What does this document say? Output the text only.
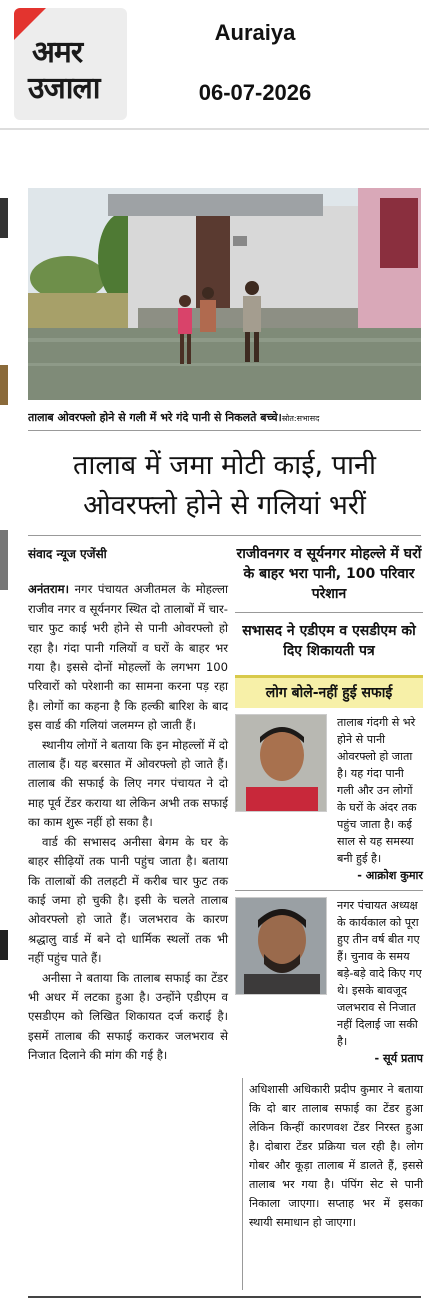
अमर
उजाला
Auraiya
06-07-2026
तालाब ओवरफ्लो होने से गली में भरे गंदे पानी से निकलते बच्चे।स्रोत:सभासद
तालाब में जमा मोटी काई, पानी
ओवरफ्लो होने से गलियां भरीं
संवाद न्यूज एजेंसी

अनंतराम। नगर पंचायत अजीतमल के मोहल्ला राजीव नगर व सूर्यनगर स्थित दो तालाबों में चार-चार फुट काई भरी होने से पानी ओवरफ्लो हो रहा है। गंदा पानी गलियों व घरों के बाहर भर गया है। इससे दोनों मोहल्लों के लगभग 100 परिवारों को परेशानी का सामना करना पड़ रहा है। लोगों का कहना है कि हल्की बारिश के बाद इस वार्ड की गलियां जलमग्न हो जाती हैं।

स्थानीय लोगों ने बताया कि इन मोहल्लों में दो तालाब हैं। यह बरसात में ओवरफ्लो हो जाते हैं। तालाब की सफाई के लिए नगर पंचायत ने दो माह पूर्व टेंडर कराया था लेकिन अभी तक सफाई का काम शुरू नहीं हो सका है।

वार्ड की सभासद अनीसा बेगम के घर के बाहर सीढ़ियों तक पानी पहुंच जाता है। बताया कि तालाबों की तलहटी में करीब चार फुट तक काई जमा हो चुकी है। इसी के चलते तालाब ओवरफ्लो हो जाते हैं। जलभराव के कारण श्रद्धालु वार्ड में बने दो धार्मिक स्थलों तक भी नहीं पहुंच पाते हैं।

अनीसा ने बताया कि तालाब सफाई का टेंडर भी अधर में लटका हुआ है। उन्होंने एडीएम व एसडीएम को लिखित शिकायत दर्ज कराई है। इसमें तालाब की सफाई कराकर जलभराव से निजात दिलाने की मांग की गई है।

राजीवनगर व सूर्यनगर मोहल्ले में घरों के बाहर भरा पानी, 100 परिवार परेशान
सभासद ने एडीएम व एसडीएम को दिए शिकायती पत्र
लोग बोले-नहीं हुई सफाई
तालाब गंदगी से भरे होने से पानी ओवरफ्लो हो जाता है। यह गंदा पानी गली और उन लोगों के घरों के अंदर तक पहुंच जाता है। कई साल से यह समस्या बनी हुई है।
- आक्रोश कुमार
नगर पंचायत अध्यक्ष के कार्यकाल को पूरा हुए तीन वर्ष बीत गए हैं। चुनाव के समय बड़े-बड़े वादे किए गए थे। इसके बावजूद जलभराव से निजात नहीं दिलाई जा सकी है।
- सूर्य प्रताप
अधिशासी अधिकारी प्रदीप कुमार ने बताया कि दो बार तालाब सफाई का टेंडर हुआ लेकिन किन्हीं कारणवश टेंडर निरस्त हुआ है। दोबारा टेंडर प्रक्रिया चल रही है। लोग गोबर और कूड़ा तालाब में डालते हैं, इससे तालाब भर गया है। पंपिंग सेट से पानी निकाला जाएगा। सप्ताह भर में इसका स्थायी समाधान हो जाएगा।
